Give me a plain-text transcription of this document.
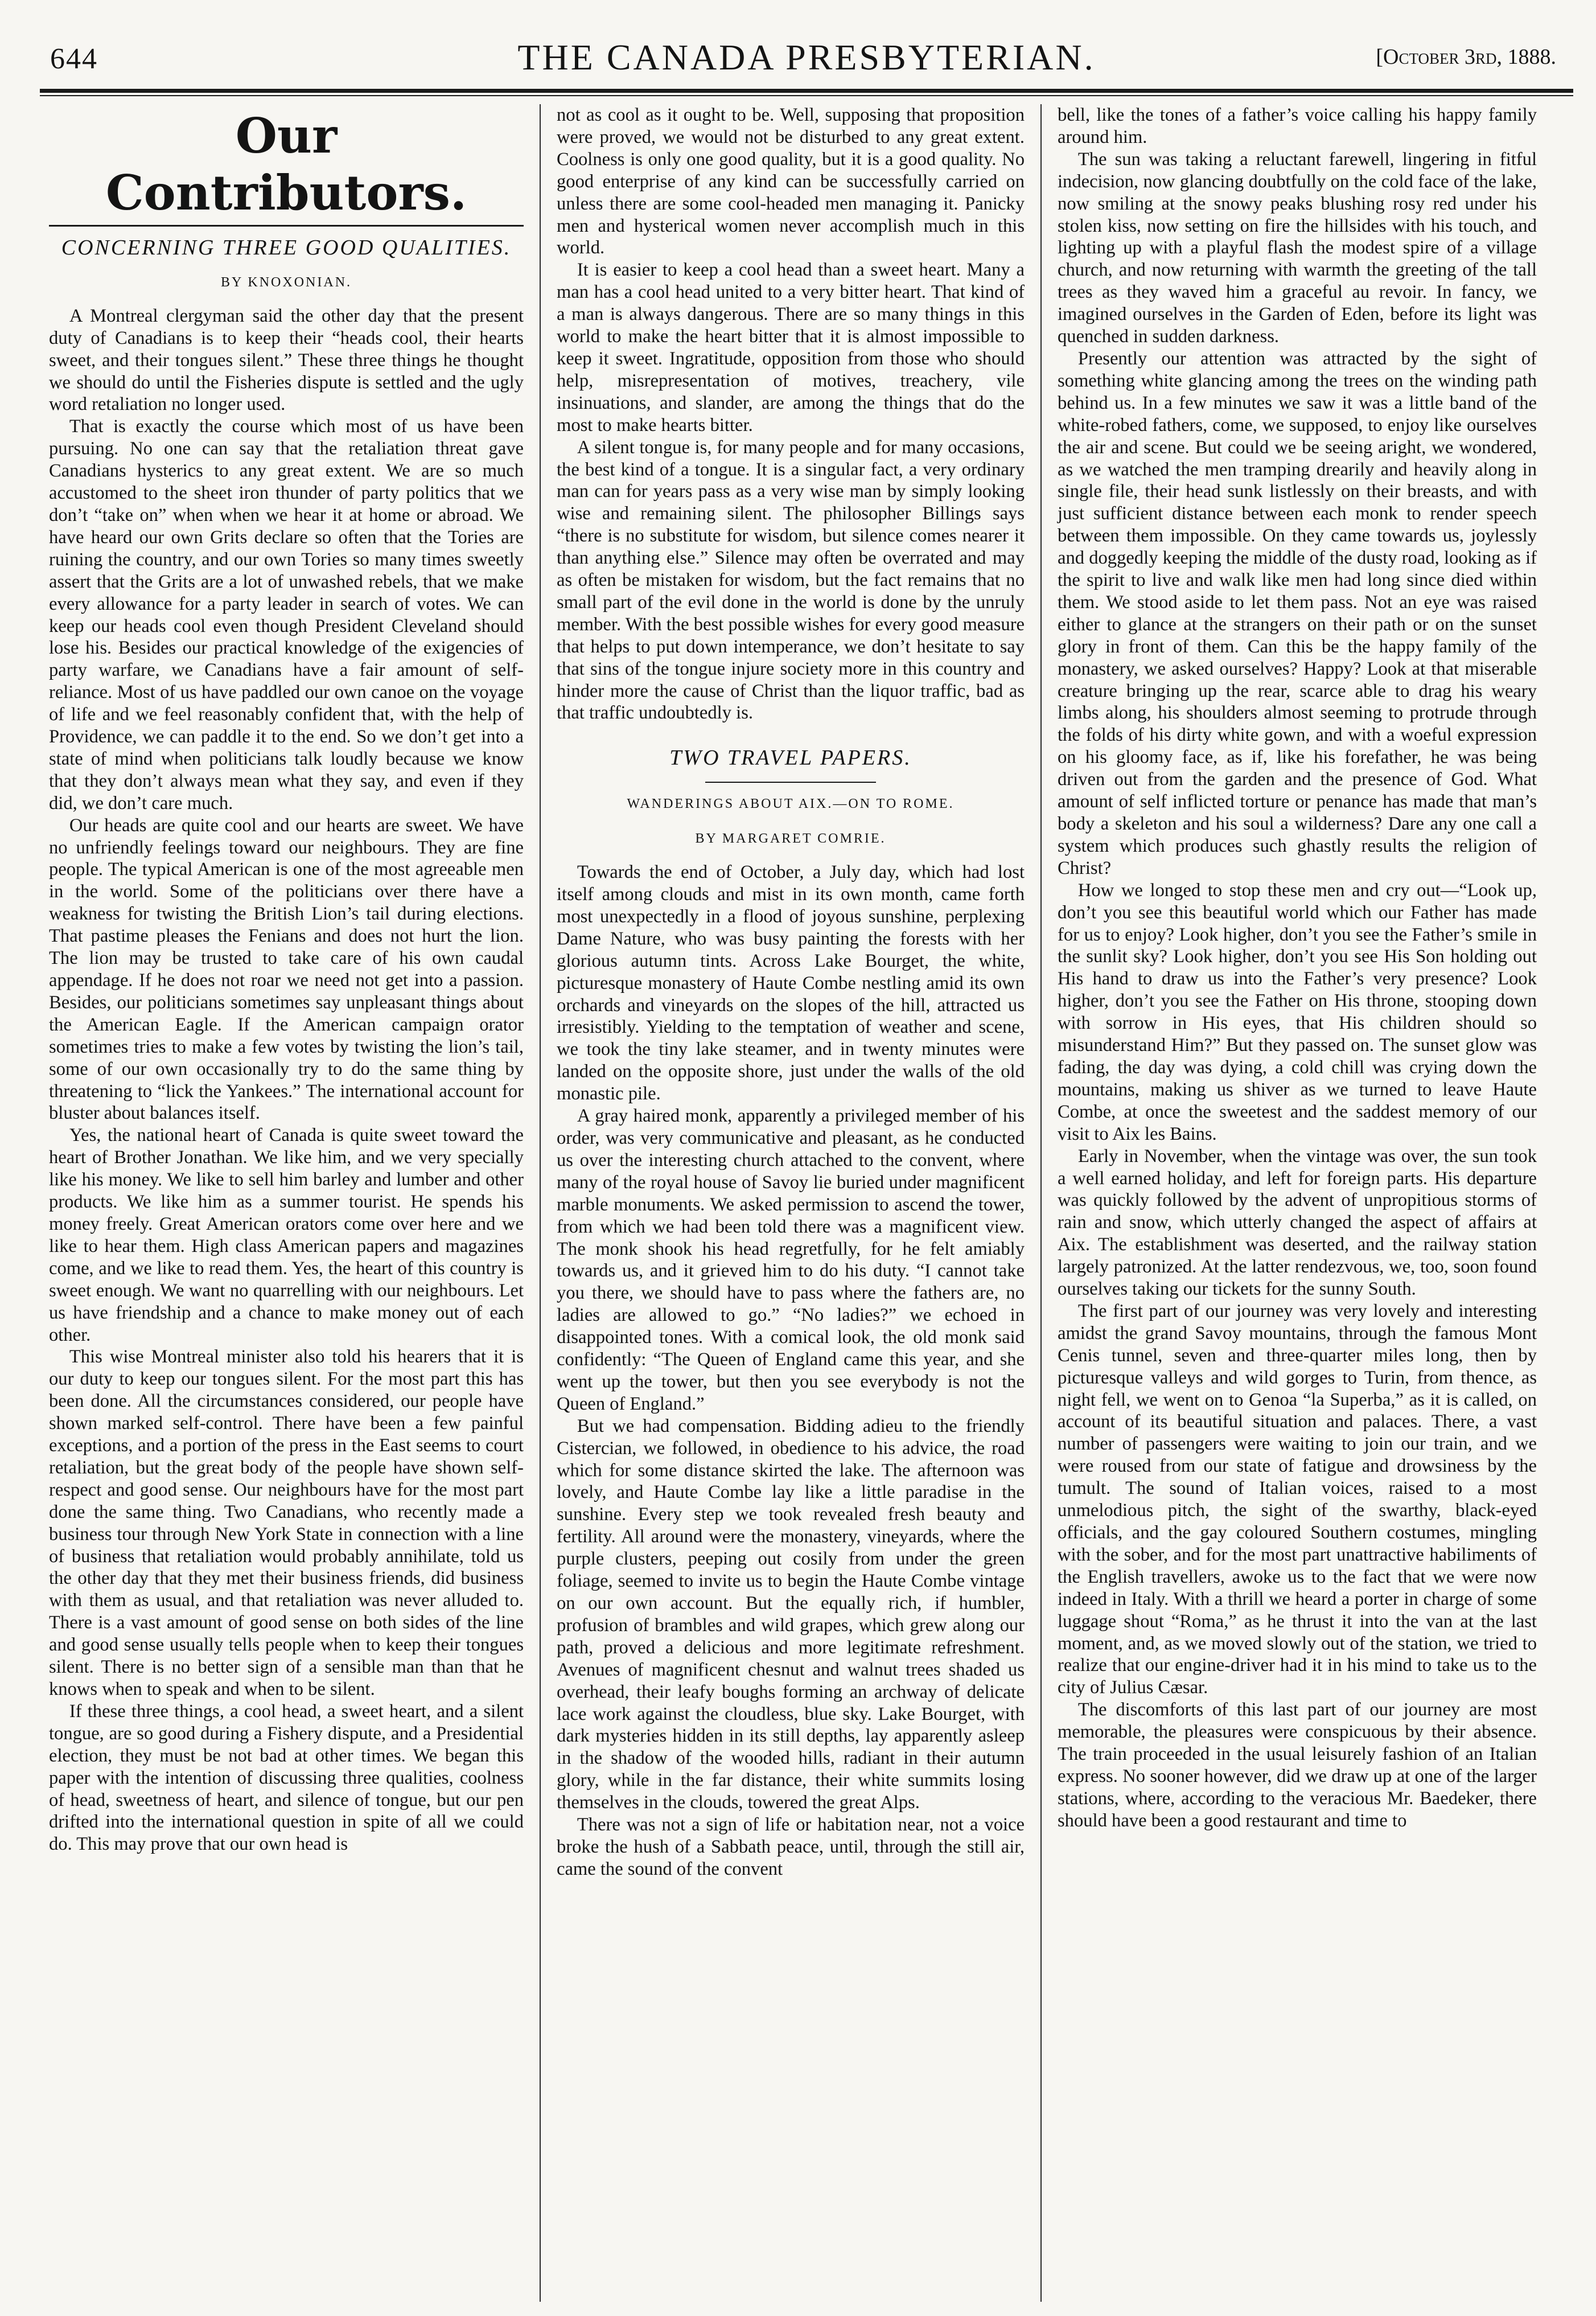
644	THE CANADA PRESBYTERIAN.	[October 3rd, 1888.
Our Contributors.
CONCERNING THREE GOOD QUALITIES.
BY KNOXONIAN.

A Montreal clergyman said the other day that the present duty of Canadians is to keep their “heads cool, their hearts sweet, and their tongues silent.” These three things he thought we should do until the Fisheries dispute is settled and the ugly word retaliation no longer used.

That is exactly the course which most of us have been pursuing. No one can say that the retaliation threat gave Canadians hysterics to any great extent. We are so much accustomed to the sheet iron thunder of party politics that we don’t “take on” when when we hear it at home or abroad. We have heard our own Grits declare so often that the Tories are ruining the country, and our own Tories so many times sweetly assert that the Grits are a lot of unwashed rebels, that we make every allowance for a party leader in search of votes. We can keep our heads cool even though President Cleveland should lose his. Besides our practical knowledge of the exigencies of party warfare, we Canadians have a fair amount of self-reliance. Most of us have paddled our own canoe on the voyage of life and we feel reasonably confident that, with the help of Providence, we can paddle it to the end. So we don’t get into a state of mind when politicians talk loudly because we know that they don’t always mean what they say, and even if they did, we don’t care much.

Our heads are quite cool and our hearts are sweet. We have no unfriendly feelings toward our neighbours. They are fine people. The typical American is one of the most agreeable men in the world. Some of the politicians over there have a weakness for twisting the British Lion’s tail during elections. That pastime pleases the Fenians and does not hurt the lion. The lion may be trusted to take care of his own caudal appendage. If he does not roar we need not get into a passion. Besides, our politicians sometimes say unpleasant things about the American Eagle. If the American campaign orator sometimes tries to make a few votes by twisting the lion’s tail, some of our own occasionally try to do the same thing by threatening to “lick the Yankees.” The international account for bluster about balances itself.

Yes, the national heart of Canada is quite sweet toward the heart of Brother Jonathan. We like him, and we very specially like his money. We like to sell him barley and lumber and other products. We like him as a summer tourist. He spends his money freely. Great American orators come over here and we like to hear them. High class American papers and magazines come, and we like to read them. Yes, the heart of this country is sweet enough. We want no quarrelling with our neighbours. Let us have friendship and a chance to make money out of each other.

This wise Montreal minister also told his hearers that it is our duty to keep our tongues silent. For the most part this has been done. All the circumstances considered, our people have shown marked self-control. There have been a few painful exceptions, and a portion of the press in the East seems to court retaliation, but the great body of the people have shown self-respect and good sense. Our neighbours have for the most part done the same thing. Two Canadians, who recently made a business tour through New York State in connection with a line of business that retaliation would probably annihilate, told us the other day that they met their business friends, did business with them as usual, and that retaliation was never alluded to. There is a vast amount of good sense on both sides of the line and good sense usually tells people when to keep their tongues silent. There is no better sign of a sensible man than that he knows when to speak and when to be silent.

If these three things, a cool head, a sweet heart, and a silent tongue, are so good during a Fishery dispute, and a Presidential election, they must be not bad at other times. We began this paper with the intention of discussing three qualities, coolness of head, sweetness of heart, and silence of tongue, but our pen drifted into the international question in spite of all we could do. This may prove that our own head is

not as cool as it ought to be. Well, supposing that proposition were proved, we would not be disturbed to any great extent. Coolness is only one good quality, but it is a good quality. No good enterprise of any kind can be successfully carried on unless there are some cool-headed men managing it. Panicky men and hysterical women never accomplish much in this world.

It is easier to keep a cool head than a sweet heart. Many a man has a cool head united to a very bitter heart. That kind of a man is always dangerous. There are so many things in this world to make the heart bitter that it is almost impossible to keep it sweet. Ingratitude, opposition from those who should help, misrepresentation of motives, treachery, vile insinuations, and slander, are among the things that do the most to make hearts bitter.

A silent tongue is, for many people and for many occasions, the best kind of a tongue. It is a singular fact, a very ordinary man can for years pass as a very wise man by simply looking wise and remaining silent. The philosopher Billings says “there is no substitute for wisdom, but silence comes nearer it than anything else.” Silence may often be overrated and may as often be mistaken for wisdom, but the fact remains that no small part of the evil done in the world is done by the unruly member. With the best possible wishes for every good measure that helps to put down intemperance, we don’t hesitate to say that sins of the tongue injure society more in this country and hinder more the cause of Christ than the liquor traffic, bad as that traffic undoubtedly is.

TWO TRAVEL PAPERS.
WANDERINGS ABOUT AIX.—ON TO ROME.
BY MARGARET COMRIE.

Towards the end of October, a July day, which had lost itself among clouds and mist in its own month, came forth most unexpectedly in a flood of joyous sunshine, perplexing Dame Nature, who was busy painting the forests with her glorious autumn tints. Across Lake Bourget, the white, picturesque monastery of Haute Combe nestling amid its own orchards and vineyards on the slopes of the hill, attracted us irresistibly. Yielding to the temptation of weather and scene, we took the tiny lake steamer, and in twenty minutes were landed on the opposite shore, just under the walls of the old monastic pile.

A gray haired monk, apparently a privileged member of his order, was very communicative and pleasant, as he conducted us over the interesting church attached to the convent, where many of the royal house of Savoy lie buried under magnificent marble monuments. We asked permission to ascend the tower, from which we had been told there was a magnificent view. The monk shook his head regretfully, for he felt amiably towards us, and it grieved him to do his duty. “I cannot take you there, we should have to pass where the fathers are, no ladies are allowed to go.” “No ladies?” we echoed in disappointed tones. With a comical look, the old monk said confidently: “The Queen of England came this year, and she went up the tower, but then you see everybody is not the Queen of England.”

But we had compensation. Bidding adieu to the friendly Cistercian, we followed, in obedience to his advice, the road which for some distance skirted the lake. The afternoon was lovely, and Haute Combe lay like a little paradise in the sunshine. Every step we took revealed fresh beauty and fertility. All around were the monastery, vineyards, where the purple clusters, peeping out cosily from under the green foliage, seemed to invite us to begin the Haute Combe vintage on our own account. But the equally rich, if humbler, profusion of brambles and wild grapes, which grew along our path, proved a delicious and more legitimate refreshment. Avenues of magnificent chesnut and walnut trees shaded us overhead, their leafy boughs forming an archway of delicate lace work against the cloudless, blue sky. Lake Bourget, with dark mysteries hidden in its still depths, lay apparently asleep in the shadow of the wooded hills, radiant in their autumn glory, while in the far distance, their white summits losing themselves in the clouds, towered the great Alps.

There was not a sign of life or habitation near, not a voice broke the hush of a Sabbath peace, until, through the still air, came the sound of the convent

bell, like the tones of a father’s voice calling his happy family around him.

The sun was taking a reluctant farewell, lingering in fitful indecision, now glancing doubtfully on the cold face of the lake, now smiling at the snowy peaks blushing rosy red under his stolen kiss, now setting on fire the hillsides with his touch, and lighting up with a playful flash the modest spire of a village church, and now returning with warmth the greeting of the tall trees as they waved him a graceful au revoir. In fancy, we imagined ourselves in the Garden of Eden, before its light was quenched in sudden darkness.

Presently our attention was attracted by the sight of something white glancing among the trees on the winding path behind us. In a few minutes we saw it was a little band of the white-robed fathers, come, we supposed, to enjoy like ourselves the air and scene. But could we be seeing aright, we wondered, as we watched the men tramping drearily and heavily along in single file, their head sunk listlessly on their breasts, and with just sufficient distance between each monk to render speech between them impossible. On they came towards us, joylessly and doggedly keeping the middle of the dusty road, looking as if the spirit to live and walk like men had long since died within them. We stood aside to let them pass. Not an eye was raised either to glance at the strangers on their path or on the sunset glory in front of them. Can this be the happy family of the monastery, we asked ourselves? Happy? Look at that miserable creature bringing up the rear, scarce able to drag his weary limbs along, his shoulders almost seeming to protrude through the folds of his dirty white gown, and with a woeful expression on his gloomy face, as if, like his forefather, he was being driven out from the garden and the presence of God. What amount of self inflicted torture or penance has made that man’s body a skeleton and his soul a wilderness? Dare any one call a system which produces such ghastly results the religion of Christ?

How we longed to stop these men and cry out—“Look up, don’t you see this beautiful world which our Father has made for us to enjoy? Look higher, don’t you see the Father’s smile in the sunlit sky? Look higher, don’t you see His Son holding out His hand to draw us into the Father’s very presence? Look higher, don’t you see the Father on His throne, stooping down with sorrow in His eyes, that His children should so misunderstand Him?” But they passed on. The sunset glow was fading, the day was dying, a cold chill was crying down the mountains, making us shiver as we turned to leave Haute Combe, at once the sweetest and the saddest memory of our visit to Aix les Bains.

Early in November, when the vintage was over, the sun took a well earned holiday, and left for foreign parts. His departure was quickly followed by the advent of unpropitious storms of rain and snow, which utterly changed the aspect of affairs at Aix. The establishment was deserted, and the railway station largely patronized. At the latter rendezvous, we, too, soon found ourselves taking our tickets for the sunny South.

The first part of our journey was very lovely and interesting amidst the grand Savoy mountains, through the famous Mont Cenis tunnel, seven and three-quarter miles long, then by picturesque valleys and wild gorges to Turin, from thence, as night fell, we went on to Genoa “la Superba,” as it is called, on account of its beautiful situation and palaces. There, a vast number of passengers were waiting to join our train, and we were roused from our state of fatigue and drowsiness by the tumult. The sound of Italian voices, raised to a most unmelodious pitch, the sight of the swarthy, black-eyed officials, and the gay coloured Southern costumes, mingling with the sober, and for the most part unattractive habiliments of the English travellers, awoke us to the fact that we were now indeed in Italy. With a thrill we heard a porter in charge of some luggage shout “Roma,” as he thrust it into the van at the last moment, and, as we moved slowly out of the station, we tried to realize that our engine-driver had it in his mind to take us to the city of Julius Cæsar.

The discomforts of this last part of our journey are most memorable, the pleasures were conspicuous by their absence. The train proceeded in the usual leisurely fashion of an Italian express. No sooner however, did we draw up at one of the larger stations, where, according to the veracious Mr. Baedeker, there should have been a good restaurant and time to
